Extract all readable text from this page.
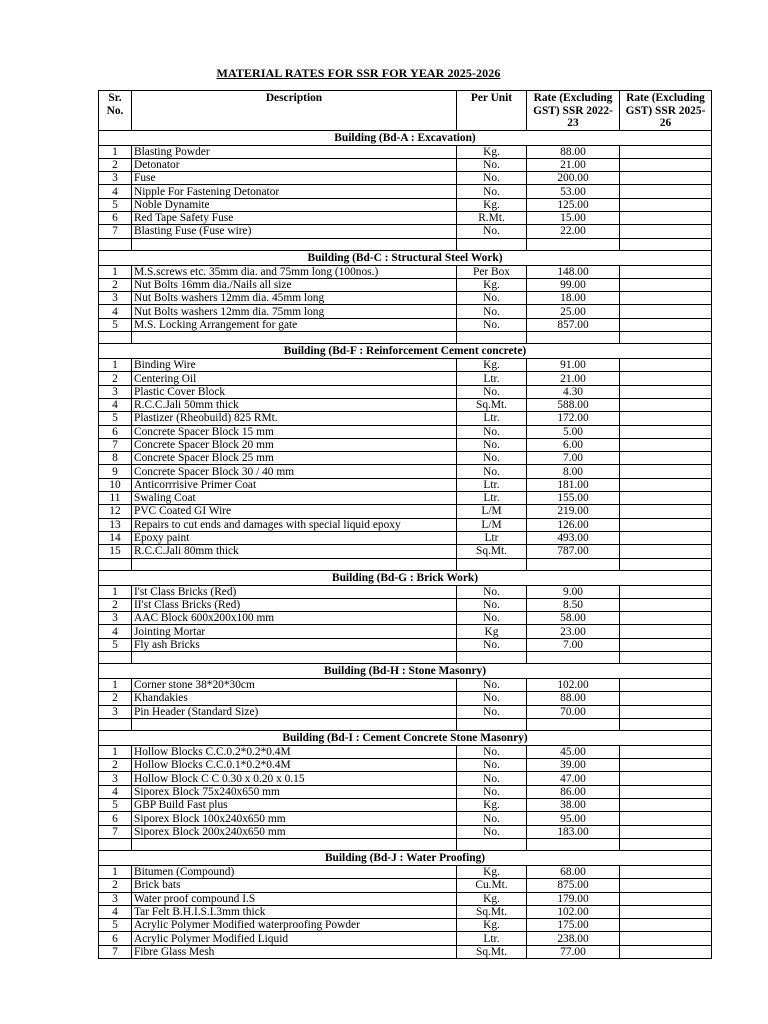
MATERIAL RATES FOR SSR FOR YEAR 2025-2026
Sr. No.	Description	Per Unit	Rate (Excluding GST) SSR 2022-23	Rate (Excluding GST) SSR 2025-26
Building (Bd-A : Excavation)				
1	Blasting Powder	Kg.	88.00	
2	Detonator	No.	21.00	
3	Fuse	No.	200.00	
4	Nipple For Fastening Detonator	No.	53.00	
5	Noble Dynamite	Kg.	125.00	
6	Red Tape Safety Fuse	R.Mt.	15.00	
7	Blasting Fuse (Fuse wire)	No.	22.00	

Building (Bd-C : Structural Steel Work)				
1	M.S.screws etc. 35mm dia. and 75mm long (100nos.)	Per Box	148.00	
2	Nut Bolts 16mm dia./Nails all size	Kg.	99.00	
3	Nut Bolts washers 12mm dia. 45mm long	No.	18.00	
4	Nut Bolts washers 12mm dia. 75mm long	No.	25.00	
5	M.S. Locking Arrangement for gate	No.	857.00	

Building (Bd-F : Reinforcement Cement concrete)				
1	Binding Wire	Kg.	91.00	
2	Centering Oil	Ltr.	21.00	
3	Plastic Cover Block	No.	4.30	
4	R.C.C.Jali 50mm thick	Sq.Mt.	588.00	
5	Plastizer (Rheobuild) 825 RMt.	Ltr.	172.00	
6	Concrete Spacer Block 15 mm	No.	5.00	
7	Concrete Spacer Block 20 mm	No.	6.00	
8	Concrete Spacer Block 25 mm	No.	7.00	
9	Concrete Spacer Block 30 / 40 mm	No.	8.00	
10	Anticorrrisive Primer Coat	Ltr.	181.00	
11	Swaling Coat	Ltr.	155.00	
12	PVC Coated GI Wire	L/M	219.00	
13	Repairs to cut ends and damages with special liquid epoxy	L/M	126.00	
14	Epoxy paint	Ltr	493.00	
15	R.C.C.Jali 80mm thick	Sq.Mt.	787.00	

Building (Bd-G : Brick Work)				
1	I'st Class Bricks (Red)	No.	9.00	
2	II'st Class Bricks (Red)	No.	8.50	
3	AAC Block 600x200x100 mm	No.	58.00	
4	Jointing Mortar	Kg	23.00	
5	Fly ash Bricks	No.	7.00	

Building (Bd-H : Stone Masonry)				
1	Corner stone 38*20*30cm	No.	102.00	
2	Khandakies	No.	88.00	
3	Pin Header (Standard Size)	No.	70.00	

Building (Bd-I : Cement Concrete Stone Masonry)				
1	Hollow Blocks C.C.0.2*0.2*0.4M	No.	45.00	
2	Hollow Blocks C.C.0.1*0.2*0.4M	No.	39.00	
3	Hollow Block C C 0.30 x 0.20 x 0.15	No.	47.00	
4	Siporex Block 75x240x650 mm	No.	86.00	
5	GBP Build Fast plus	Kg.	38.00	
6	Siporex Block 100x240x650 mm	No.	95.00	
7	Siporex Block 200x240x650 mm	No.	183.00	

Building (Bd-J : Water Proofing)				
1	Bitumen (Compound)	Kg.	68.00	
2	Brick bats	Cu.Mt.	875.00	
3	Water proof compound I.S	Kg.	179.00	
4	Tar Felt B.H.I.S.I.3mm thick	Sq.Mt.	102.00	
5	Acrylic Polymer Modified waterproofing Powder	Kg.	175.00	
6	Acrylic Polymer Modified Liquid	Ltr.	238.00	
7	Fibre Glass Mesh	Sq.Mt.	77.00	
